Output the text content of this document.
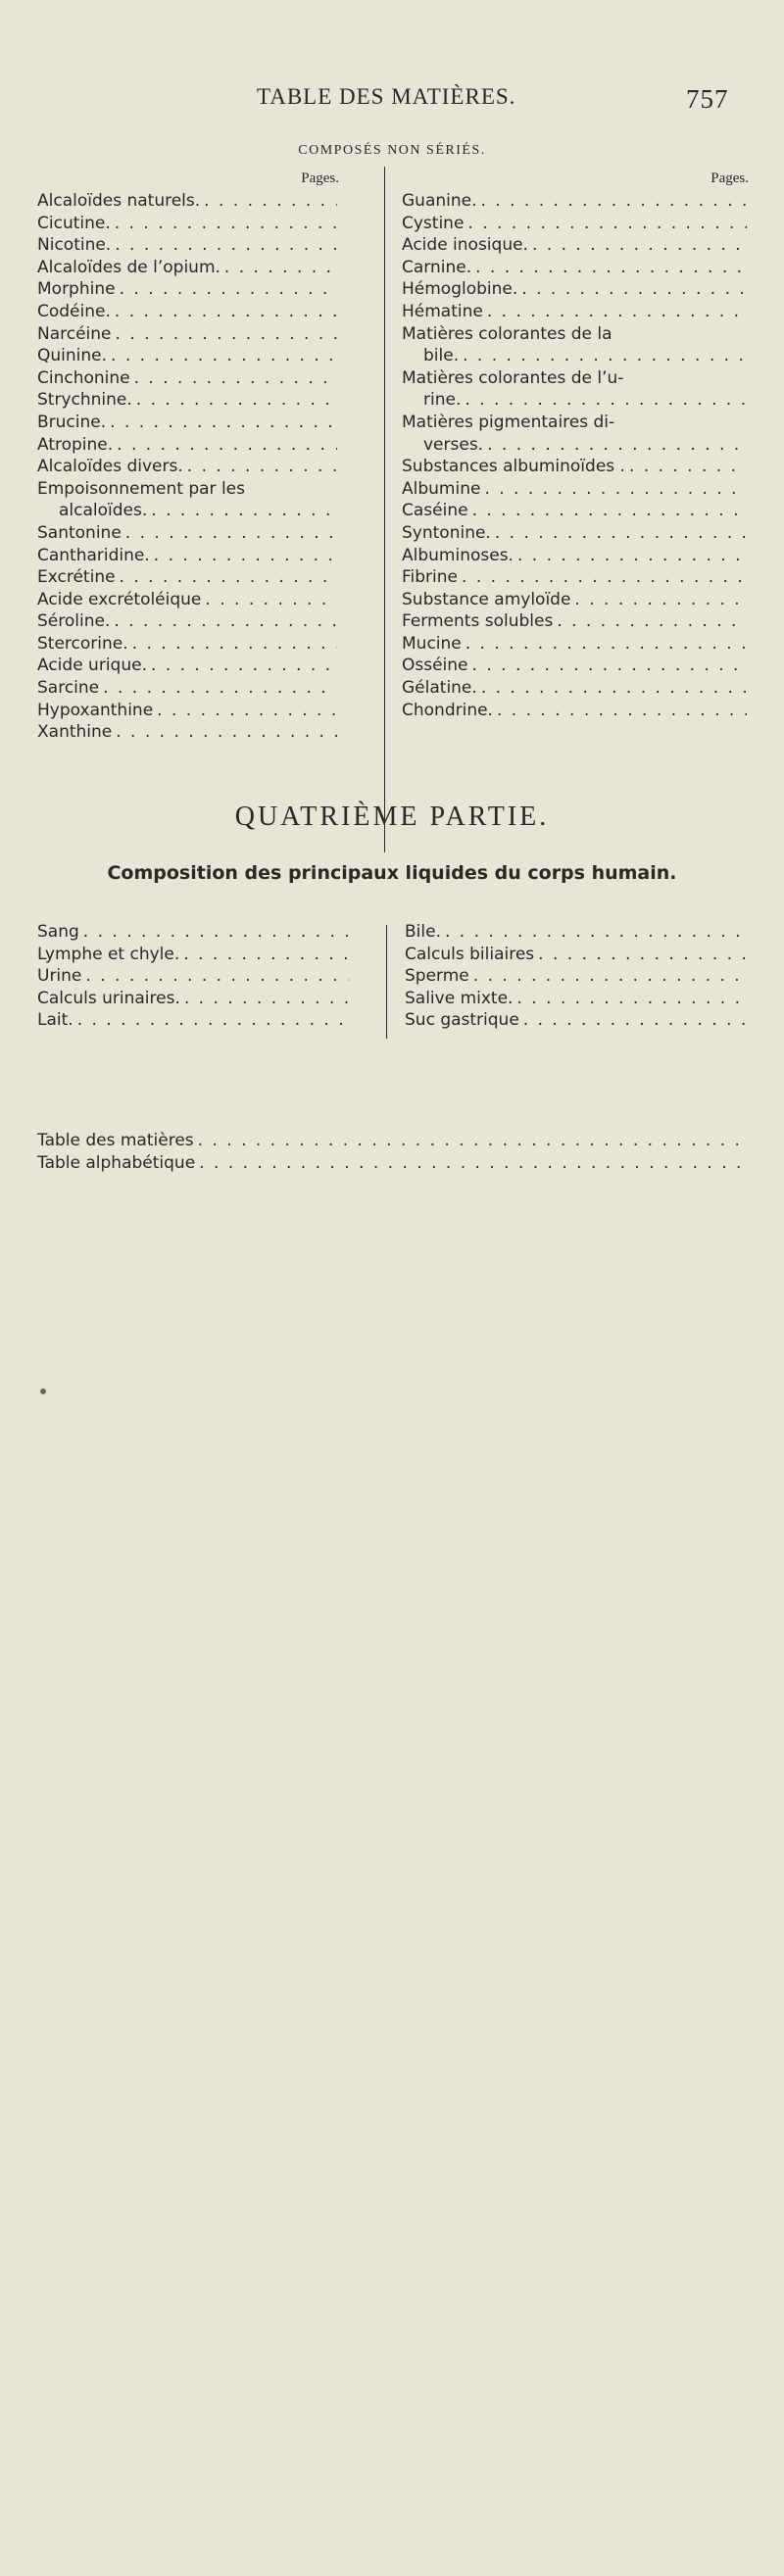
TABLE DES MATIÈRES.	757
COMPOSÉS NON SÉRIÉS.
Pages.
Alcaloïdes naturels.
. . .
Cicutine.
. . .
Nicotine.
. . .
Alcaloïdes de l’opium.
. . .
Morphine
. . .
Codéine.
. . .
Narcéine
. . .
Quinine.
. . .
Cinchonine
. . .
Strychnine.
. . .
Brucine.
. . .
Atropine.
. . .
Alcaloïdes divers.
. . .
Empoisonnement par les
alcaloïdes.
. . .
Santonine
. . .
Cantharidine.
. . .
Excrétine
. . .
Acide excrétoléique
. . .
Séroline.
. . .
Stercorine.
. . .
Acide urique.
. . .
Sarcine
. . .
Hypoxanthine
. . .
Xanthine
. . .
Pages.
Guanine.
. . .
Cystine
. . .
Acide inosique.
. . .
Carnine.
. . .
Hémoglobine.
. . .
Hématine
. . .
Matières colorantes de la
bile.
. . .
Matières colorantes de l’u-
rine.
. . .
Matières pigmentaires di-
verses.
. . .
Substances albuminoïdes .
. . .
Albumine
. . .
Caséine
. . .
Syntonine.
. . .
Albuminoses.
. . .
Fibrine
. . .
Substance amyloïde
. . .
Ferments solubles
. . .
Mucine
. . .
Osséine
. . .
Gélatine.
. . .
Chondrine.
. . .
QUATRIÈME PARTIE.
Composition des principaux liquides du corps humain.
Sang
. . .
Lymphe et chyle.
. . .
Urine
. . .
Calculs urinaires.
. . .
Lait.
. . .
Bile.
. . .
Calculs biliaires
. . .
Sperme
. . .
Salive mixte.
. . .
Suc gastrique
. . .
Table des matières
. . .
Table alphabétique
. . .
